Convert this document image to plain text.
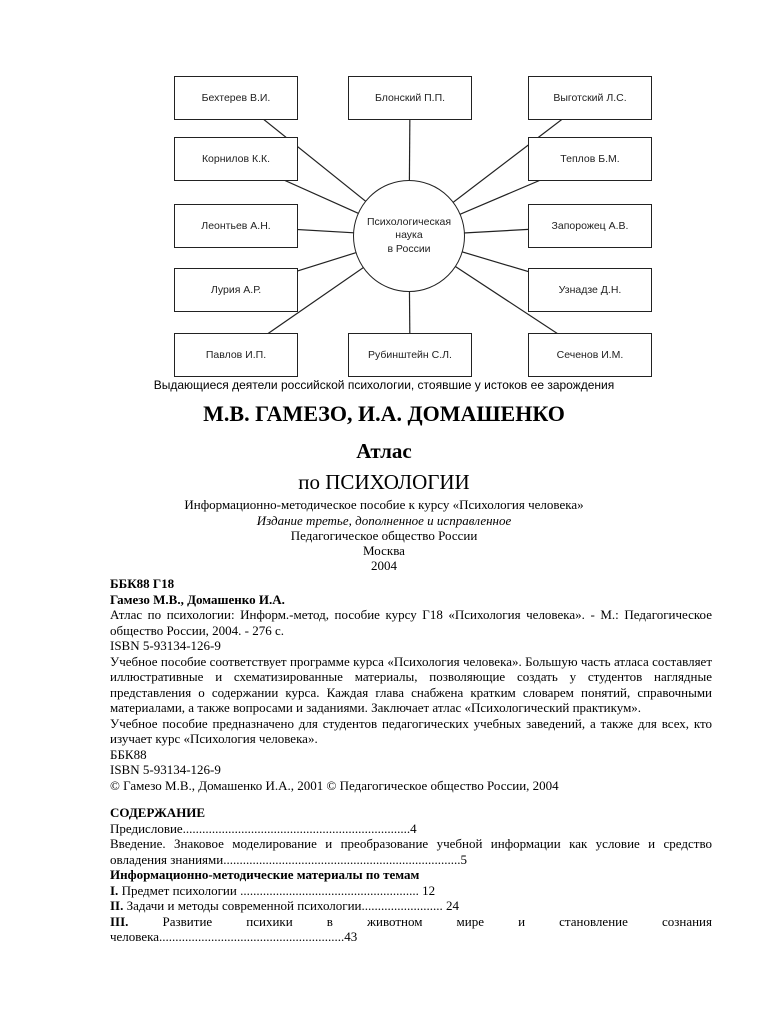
Бехтерев В.И.	Блонский П.П.	Выготский Л.С.
Корнилов К.К.	Теплов Б.М.
Леонтьев А.Н.	Запорожец А.В.
Лурия А.Р.	Узнадзе Д.Н.
Павлов И.П.	Рубинштейн С.Л.	Сеченов И.М.
Психологическая
наука
в России
Выдающиеся деятели российской психологии, стоявшие у истоков ее зарождения
М.В. ГАМЕЗО, И.А. ДОМАШЕНКО
Атлас
по ПСИХОЛОГИИ
Информационно-методическое пособие к курсу «Психология человека»
Издание третье, дополненное и исправленное
Педагогическое общество России
Москва
2004

ББК88 Г18

Гамезо М.В., Домашенко И.А.

Атлас по психологии: Информ.-метод, пособие курсу Г18 «Психология человека». - М.: Педагогическое общество России, 2004. - 276 с.

ISBN 5-93134-126-9

Учебное пособие соответствует программе курса «Психология человека». Большую часть атласа составляет иллюстративные и схематизированные материалы, позволяющие создать у студентов наглядные представления о содержании курса. Каждая глава снабжена кратким словарем понятий, справочными материалами, а также вопросами и заданиями. Заключает атлас «Психологический практикум».

Учебное пособие предназначено для студентов педагогических учебных заведений, а также для всех, кто изучает курс «Психология человека».

ББК88

ISBN 5-93134-126-9

© Гамезо М.В., Домашенко И.А., 2001 © Педагогическое общество России, 2004

СОДЕРЖАНИЕ

Предисловие......................................................................4

Введение. Знаковое моделирование и преобразование учебной информации как условие и средство овладения знаниями.........................................................................5

Информационно-методические материалы по темам

I. Предмет психологии ....................................................... 12

II. Задачи и методы современной психологии......................... 24

III. Развитие психики в животном мире и становление сознания

человека.........................................................43
